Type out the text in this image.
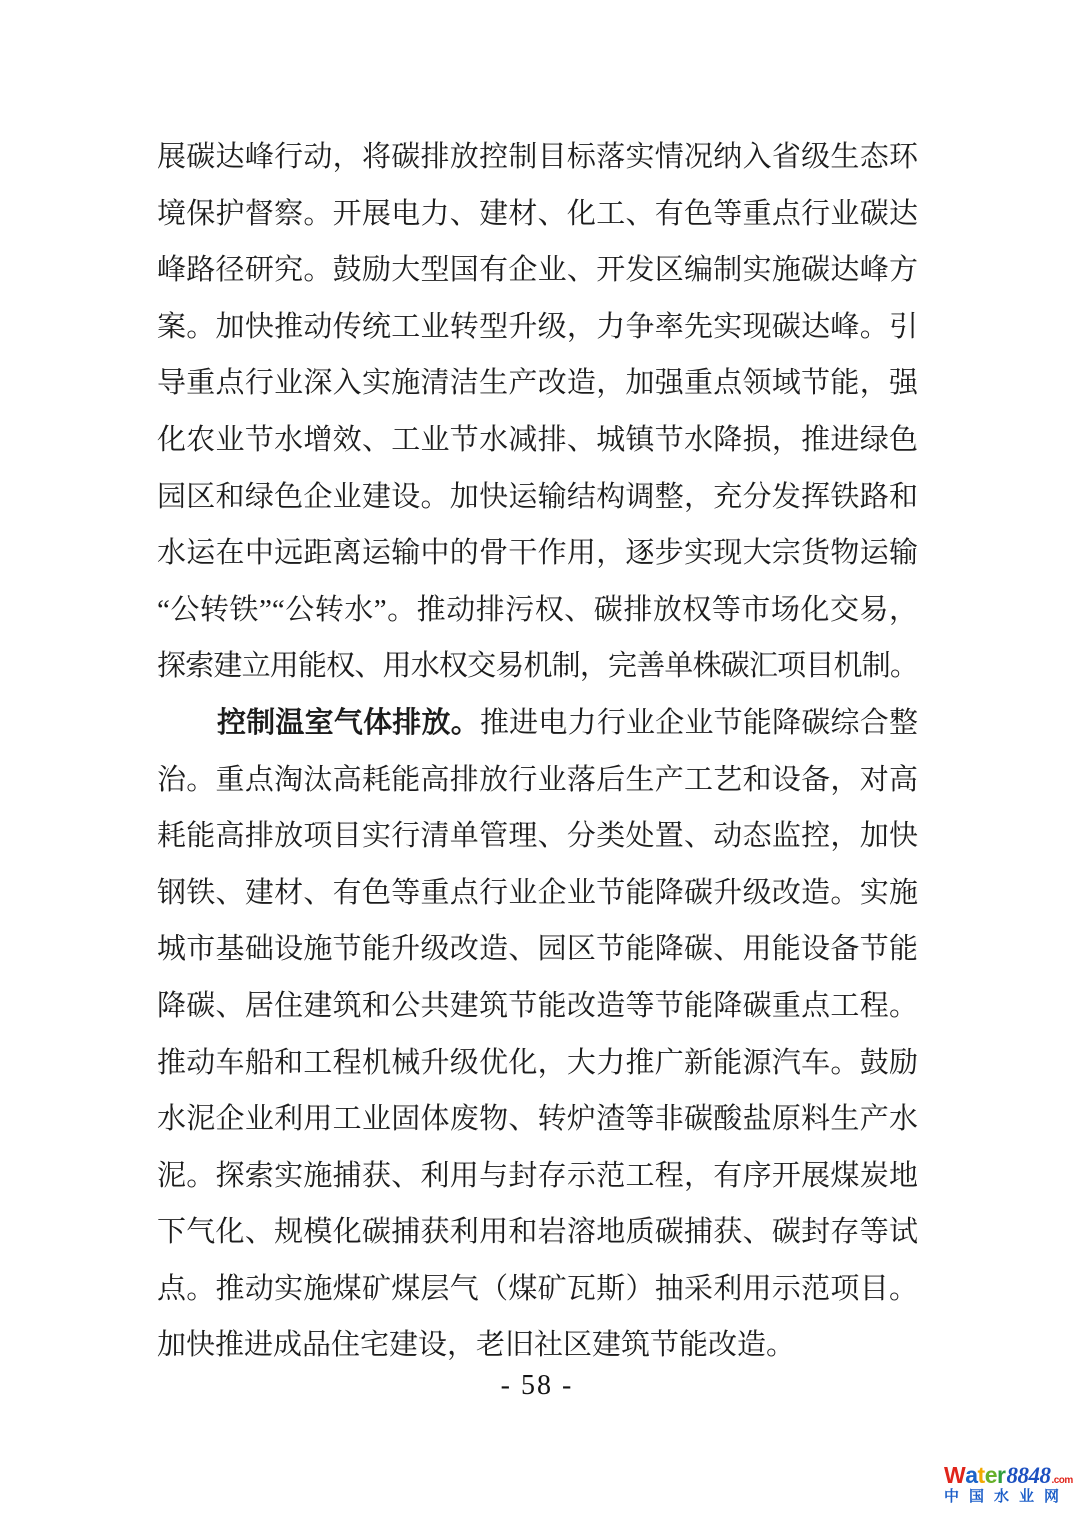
展碳达峰行动，将碳排放控制目标落实情况纳入省级生态环
境保护督察。开展电力、建材、化工、有色等重点行业碳达
峰路径研究。鼓励大型国有企业、开发区编制实施碳达峰方
案。加快推动传统工业转型升级，力争率先实现碳达峰。引
导重点行业深入实施清洁生产改造，加强重点领域节能，强
化农业节水增效、工业节水减排、城镇节水降损，推进绿色
园区和绿色企业建设。加快运输结构调整，充分发挥铁路和
水运在中远距离运输中的骨干作用，逐步实现大宗货物运输
“公转铁”“公转水”。推动排污权、碳排放权等市场化交易，
探索建立用能权、用水权交易机制，完善单株碳汇项目机制。
控制温室气体排放。推进电力行业企业节能降碳综合整
治。重点淘汰高耗能高排放行业落后生产工艺和设备，对高
耗能高排放项目实行清单管理、分类处置、动态监控，加快
钢铁、建材、有色等重点行业企业节能降碳升级改造。实施
城市基础设施节能升级改造、园区节能降碳、用能设备节能
降碳、居住建筑和公共建筑节能改造等节能降碳重点工程。
推动车船和工程机械升级优化，大力推广新能源汽车。鼓励
水泥企业利用工业固体废物、转炉渣等非碳酸盐原料生产水
泥。探索实施捕获、利用与封存示范工程，有序开展煤炭地
下气化、规模化碳捕获利用和岩溶地质碳捕获、碳封存等试
点。推动实施煤矿煤层气（煤矿瓦斯）抽采利用示范项目。
加快推进成品住宅建设，老旧社区建筑节能改造。
- 58 -
W a t e r 8848 .com
中国水业网
